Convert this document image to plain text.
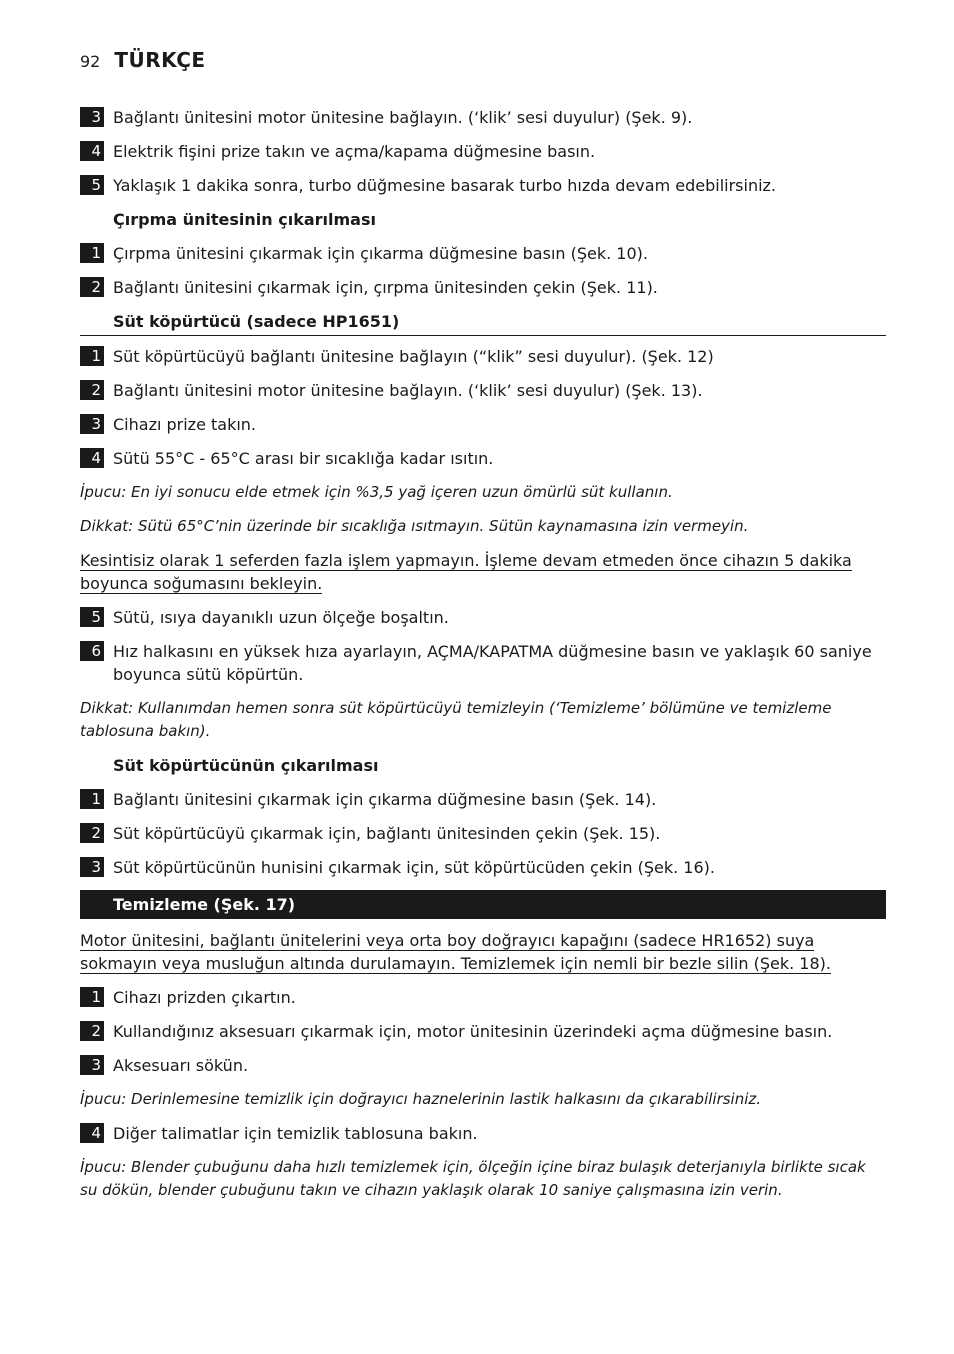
92 TÜRKÇE
3 Bağlantı ünitesini motor ünitesine bağlayın. (‘klik’ sesi duyulur) (Şek. 9).
4 Elektrik fişini prize takın ve açma/kapama düğmesine basın.
5 Yaklaşık 1 dakika sonra, turbo düğmesine basarak turbo hızda devam edebilirsiniz.
Çırpma ünitesinin çıkarılması
1 Çırpma ünitesini çıkarmak için çıkarma düğmesine basın (Şek. 10).
2 Bağlantı ünitesini çıkarmak için, çırpma ünitesinden çekin (Şek. 11).
Süt köpürtücü (sadece HP1651)
1 Süt köpürtücüyü bağlantı ünitesine bağlayın (“klik” sesi duyulur). (Şek. 12)
2 Bağlantı ünitesini motor ünitesine bağlayın. (‘klik’ sesi duyulur) (Şek. 13).
3 Cihazı prize takın.
4 Sütü 55°C - 65°C arası bir sıcaklığa kadar ısıtın.
İpucu: En iyi sonucu elde etmek için %3,5 yağ içeren uzun ömürlü süt kullanın.
Dikkat: Sütü 65°C’nin üzerinde bir sıcaklığa ısıtmayın. Sütün kaynamasına izin vermeyin.
Kesintisiz olarak 1 seferden fazla işlem yapmayın. İşleme devam etmeden önce cihazın 5 dakika boyunca soğumasını bekleyin.
5 Sütü, ısıya dayanıklı uzun ölçeğe boşaltın.
6 Hız halkasını en yüksek hıza ayarlayın, AÇMA/KAPATMA düğmesine basın ve yaklaşık 60 saniye boyunca sütü köpürtün.
Dikkat: Kullanımdan hemen sonra süt köpürtücüyü temizleyin (‘Temizleme’ bölümüne ve temizleme tablosuna bakın).
Süt köpürtücünün çıkarılması
1 Bağlantı ünitesini çıkarmak için çıkarma düğmesine basın (Şek. 14).
2 Süt köpürtücüyü çıkarmak için, bağlantı ünitesinden çekin (Şek. 15).
3 Süt köpürtücünün hunisini çıkarmak için, süt köpürtücüden çekin (Şek. 16).
Temizleme (Şek. 17)
Motor ünitesini, bağlantı ünitelerini veya orta boy doğrayıcı kapağını (sadece HR1652) suya sokmayın veya musluğun altında durulamayın. Temizlemek için nemli bir bezle silin (Şek. 18).
1 Cihazı prizden çıkartın.
2 Kullandığınız aksesuarı çıkarmak için, motor ünitesinin üzerindeki açma düğmesine basın.
3 Aksesuarı sökün.
İpucu: Derinlemesine temizlik için doğrayıcı haznelerinin lastik halkasını da çıkarabilirsiniz.
4 Diğer talimatlar için temizlik tablosuna bakın.
İpucu: Blender çubuğunu daha hızlı temizlemek için, ölçeğin içine biraz bulaşık deterjanıyla birlikte sıcak su dökün, blender çubuğunu takın ve cihazın yaklaşık olarak 10 saniye çalışmasına izin verin.
